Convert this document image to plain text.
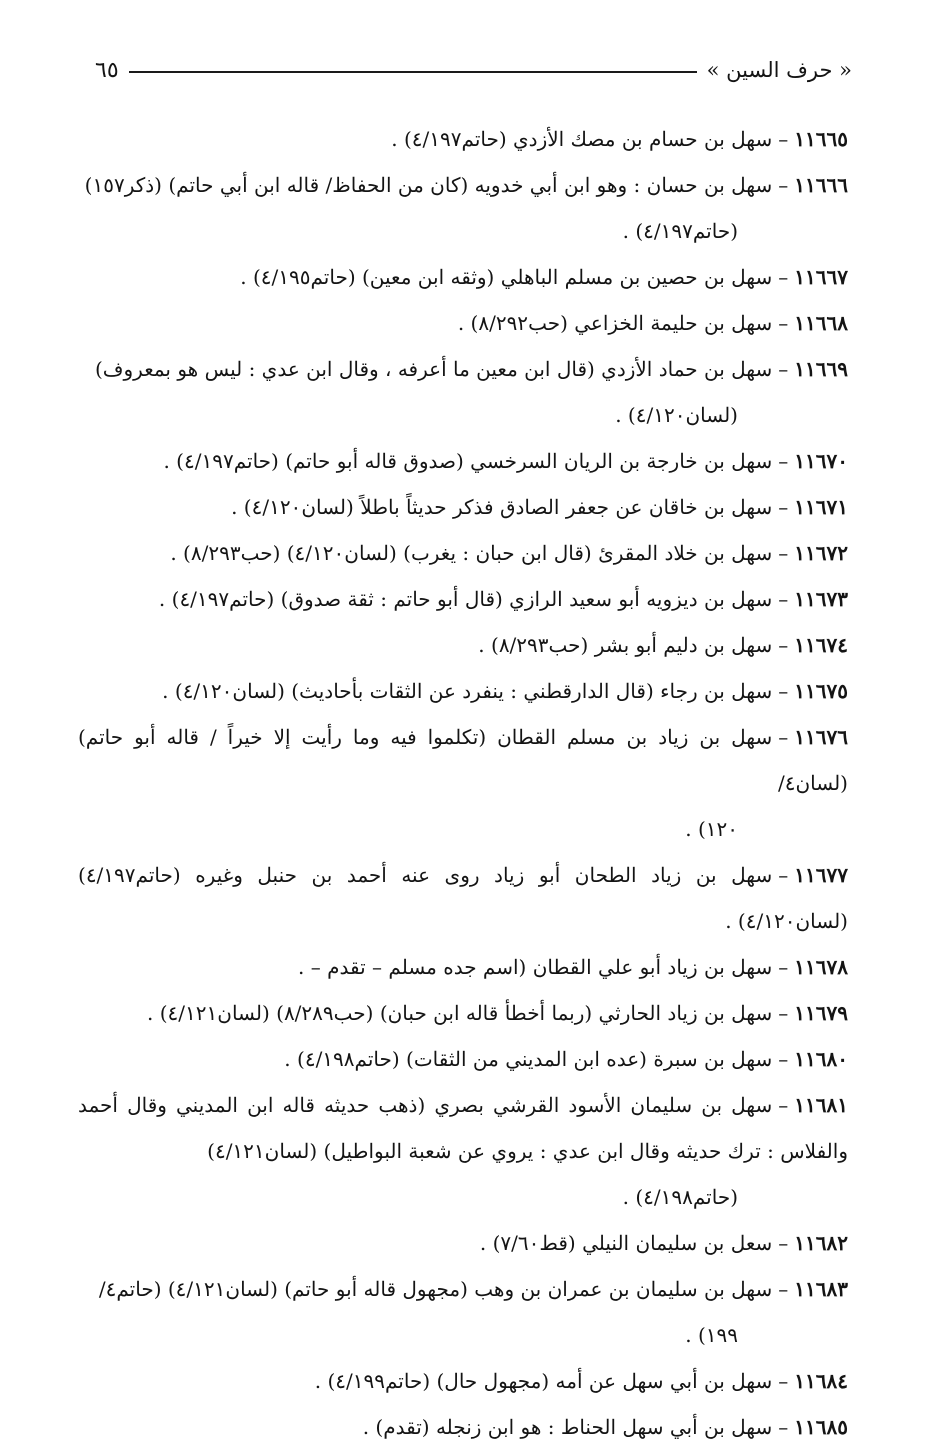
« حرف السين »
٦٥
١١٦٦٥–سهل بن حسام بن مصك الأزدي (حاتم٤/١٩٧) .
١١٦٦٦–سهل بن حسان : وهو ابن أبي خدويه (كان من الحفاظ/ قاله ابن أبي حاتم) (ذكر١٥٧)
(حاتم٤/١٩٧) .
١١٦٦٧–سهل بن حصين بن مسلم الباهلي (وثقه ابن معين) (حاتم٤/١٩٥) .
١١٦٦٨–سهل بن حليمة الخزاعي (حب٨/٢٩٢) .
١١٦٦٩–سهل بن حماد الأزدي (قال ابن معين ما أعرفه ، وقال ابن عدي : ليس هو بمعروف)
(لسان٤/١٢٠) .
١١٦٧٠–سهل بن خارجة بن الريان السرخسي (صدوق قاله أبو حاتم) (حاتم٤/١٩٧) .
١١٦٧١–سهل بن خاقان عن جعفر الصادق فذكر حديثاً باطلاً (لسان٤/١٢٠) .
١١٦٧٢–سهل بن خلاد المقرئ (قال ابن حبان : يغرب) (لسان٤/١٢٠) (حب٨/٢٩٣) .
١١٦٧٣–سهل بن ديزويه أبو سعيد الرازي (قال أبو حاتم : ثقة صدوق) (حاتم٤/١٩٧) .
١١٦٧٤–سهل بن دليم أبو بشر (حب٨/٢٩٣) .
١١٦٧٥–سهل بن رجاء (قال الدارقطني : ينفرد عن الثقات بأحاديث) (لسان٤/١٢٠) .
١١٦٧٦–سهل بن زياد بن مسلم القطان (تكلموا فيه وما رأيت إلا خيراً / قاله أبو حاتم) (لسان٤/
١٢٠) .
١١٦٧٧–سهل بن زياد الطحان أبو زياد روى عنه أحمد بن حنبل وغيره (حاتم٤/١٩٧) (لسان٤/١٢٠) .
١١٦٧٨–سهل بن زياد أبو علي القطان (اسم جده مسلم – تقدم – .
١١٦٧٩–سهل بن زياد الحارثي (ربما أخطأ قاله ابن حبان) (حب٨/٢٨٩) (لسان٤/١٢١) .
١١٦٨٠–سهل بن سبرة (عده ابن المديني من الثقات) (حاتم٤/١٩٨) .
١١٦٨١–سهل بن سليمان الأسود القرشي بصري (ذهب حديثه قاله ابن المديني وقال أحمد والفلاس : ترك حديثه وقال ابن عدي : يروي عن شعبة البواطيل) (لسان٤/١٢١)
(حاتم٤/١٩٨) .
١١٦٨٢–سعل بن سليمان النيلي (قط٧/٦٠) .
١١٦٨٣–سهل بن سليمان بن عمران بن وهب (مجهول قاله أبو حاتم) (لسان٤/١٢١) (حاتم٤/
١٩٩) .
١١٦٨٤–سهل بن أبي سهل عن أمه (مجهول حال) (حاتم٤/١٩٩) .
١١٦٨٥–سهل بن أبي سهل الحناط : هو ابن زنجله (تقدم) .
